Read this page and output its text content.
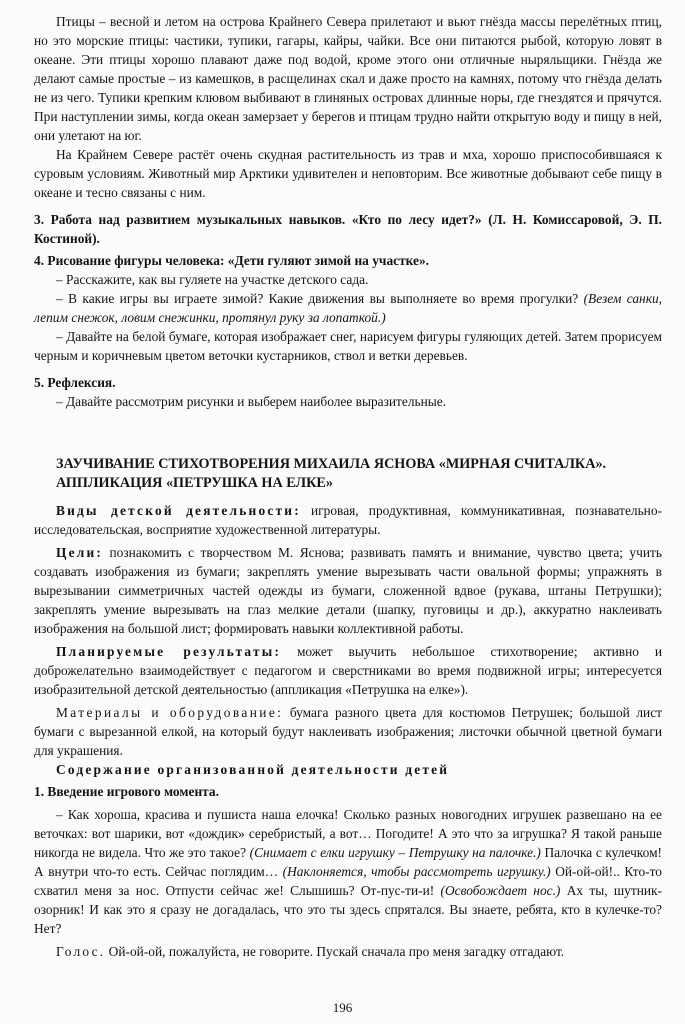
Птицы – весной и летом на острова Крайнего Севера прилетают и вьют гнёзда массы перелётных птиц, но это морские птицы: частики, тупики, гагары, кайры, чайки. Все они питаются рыбой, которую ловят в океане. Эти птицы хорошо плавают даже под водой, кроме этого они отличные ныряльщики. Гнёзда же делают самые простые – из камешков, в расщелинах скал и даже просто на камнях, потому что гнёзда делать не из чего. Тупики крепким клювом выбивают в глиняных островах длинные норы, где гнездятся и прячутся. При наступлении зимы, когда океан замерзает у берегов и птицам трудно найти открытую воду и пищу в ней, они улетают на юг.

На Крайнем Севере растёт очень скудная растительность из трав и мха, хорошо приспособившаяся к суровым условиям. Животный мир Арктики удивителен и неповторим. Все животные добывают себе пищу в океане и тесно связаны с ним.

3. Работа над развитием музыкальных навыков. «Кто по лесу идет?» (Л. Н. Комиссаровой, Э. П. Костиной).

4. Рисование фигуры человека: «Дети гуляют зимой на участке».

– Расскажите, как вы гуляете на участке детского сада.

– В какие игры вы играете зимой? Какие движения вы выполняете во время прогулки? (Везем санки, лепим снежок, ловим снежинки, протянул руку за лопаткой.)

– Давайте на белой бумаге, которая изображает снег, нарисуем фигуры гуляющих детей. Затем прорисуем черным и коричневым цветом веточки кустарников, ствол и ветки деревьев.

5. Рефлексия.

– Давайте рассмотрим рисунки и выберем наиболее выразительные.

ЗАУЧИВАНИЕ СТИХОТВОРЕНИЯ МИХАИЛА ЯСНОВА «МИРНАЯ СЧИТАЛКА».

АППЛИКАЦИЯ «ПЕТРУШКА НА ЕЛКЕ»

Виды детской деятельности: игровая, продуктивная, коммуникативная, познавательно-исследовательская, восприятие художественной литературы.

Цели: познакомить с творчеством М. Яснова; развивать память и внимание, чувство цвета; учить создавать изображения из бумаги; закреплять умение вырезывать части овальной формы; упражнять в вырезывании симметричных частей одежды из бумаги, сложенной вдвое (рукава, штаны Петрушки); закреплять умение вырезывать на глаз мелкие детали (шапку, пуговицы и др.), аккуратно наклеивать изображения на большой лист; формировать навыки коллективной работы.

Планируемые результаты: может выучить небольшое стихотворение; активно и доброжелательно взаимодействует с педагогом и сверстниками во время подвижной игры; интересуется изобразительной детской деятельностью (аппликация «Петрушка на елке»).

Материалы и оборудование: бумага разного цвета для костюмов Петрушек; большой лист бумаги с вырезанной елкой, на который будут наклеивать изображения; листочки обычной цветной бумаги для украшения.

Содержание организованной деятельности детей

1. Введение игрового момента.

– Как хороша, красива и пушиста наша елочка! Сколько разных новогодних игрушек развешано на ее веточках: вот шарики, вот «дождик» серебристый, а вот… Погодите! А это что за игрушка? Я такой раньше никогда не видела. Что же это такое? (Снимает с елки игрушку – Петрушку на палочке.) Палочка с кулечком! А внутри что-то есть. Сейчас поглядим… (Наклоняется, чтобы рассмотреть игрушку.) Ой-ой-ой!.. Кто-то схватил меня за нос. Отпусти сейчас же! Слышишь? От-пус-ти-и! (Освобождает нос.) Ах ты, шутник-озорник! И как это я сразу не догадалась, что это ты здесь спрятался. Вы знаете, ребята, кто в кулечке-то? Нет?

Голос. Ой-ой-ой, пожалуйста, не говорите. Пускай сначала про меня загадку отгадают.

196
